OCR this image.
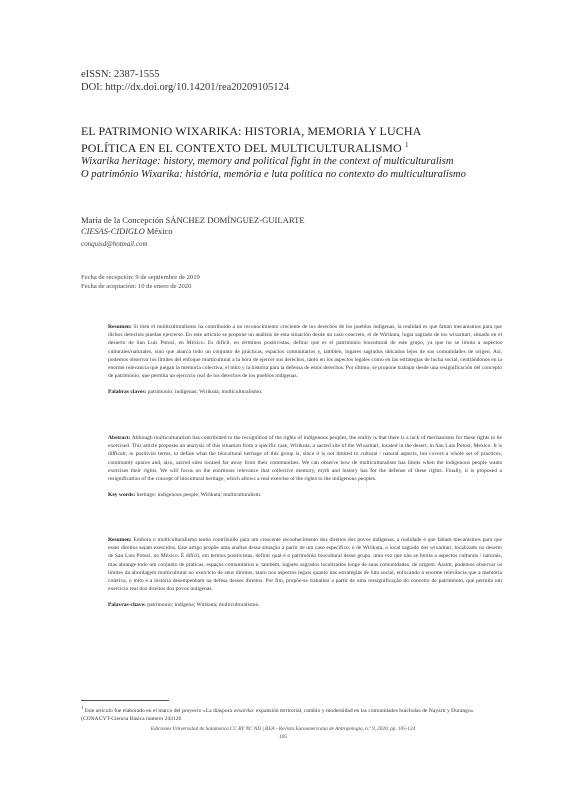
eISSN: 2387-1555
DOI: http://dx.doi.org/10.14201/rea20209105124
EL PATRIMONIO WIXARIKA: HISTORIA, MEMORIA Y LUCHA
POLÍTICA EN EL CONTEXTO DEL MULTICULTURALISMO $^1$
Wixarika heritage: history, memory and political fight in the context of multiculturalism
O patrimônio Wixarika: história, memória e luta política no contexto do multiculturalismo
María de la Concepción SÁNCHEZ DOMÍNGUEZ-GUILARTE
CIESAS-CIDIGLO México
conquisd@hotmail.com
Fecha de recepción: 9 de septiembre de 2019
Fecha de aceptación: 10 de enero de 2020
Resumen: Si bien el multiculturalismo ha contribuido a un reconocimiento creciente de los derechos de los pueblos indígenas, la realidad es que faltan mecanismos para que dichos derechos puedan ejercerse. En este artículo se propone un análisis de esta situación desde un caso concreto, el de Wirikuta, lugar sagrado de los wixaritari, situado en el desierto de San Luis Potosí, en México. Es difícil, en términos positivistas, definir qué es el patrimonio biocultural de este grupo, ya que no se limita a aspectos culturales/naturales, sino que abarca todo un conjunto de prácticas, espacios comunitarios y, también, lugares sagrados ubicados lejos de sus comunidades de origen. Así, podemos observar los límites del enfoque multicultural a la hora de ejercer sus derechos, tanto en los aspectos legales como en las estrategias de lucha social, centrándonos en la enorme relevancia que juegan la memoria colectiva, el mito y la historia para la defensa de estos derechos. Por último, se propone trabajar desde una resignificación del concepto de patrimonio, que permita un ejercicio real de los derechos de los pueblos indígenas.
Palabras claves: patrimonio; indígenas; Wirikuta; multiculturalismo.
Abstract: Although multiculturalism has contributed to the recognition of the rights of indigenous peoples, the reality is that there is a lack of mechanisms for these rights to be exercised. This article proposes an analysis of this situation from a specific case, Wirikuta, a sacred site of the Wixaritari, located in the desert, in San Luis Potosi, Mexico. It is difficult, in positivist terms, to define what the biocultural heritage of this group is, since it is not limited to cultural / natural aspects, but covers a whole set of practices, community spaces and, also, sacred sites located far away from their communities. We can observe how de multiculturalism has limits when the indigenous people wants exercises their rights. We will focus on the enormous relevance that collective memory, myth and history has for the defense of these rights. Finally, it is proposed a resignification of the concept of biocultural heritage, which allows a real exercise of the rights to the indigenous peoples.
Key words: heritage; indigenous people; Wirikuta; multiculturalism.
Resumen: Embora o multiculturalismo tenha contribuído para um crescente reconhecimento dos direitos dos povos indígenas, a realidade é que faltam mecanismos para que esses direitos sejam exercidos. Este artigo propõe uma análise dessa situação a partir de um caso específico, o de Wirikuta, o local sagrado dos wixaritari, localizado no deserto de San Luis Potosí, no México. É difícil, em termos positivistas, definir qual é o patrimônio biocultural desse grupo, uma vez que não se limita a aspectos culturais / naturais, mas abrange todo um conjunto de práticas, espaços comunitários e, também, lugares sagrados localizados longe de suas comunidades. de origem. Assim, podemos observar os limites da abordagem multicultural no exercício de seus direitos, tanto nos aspectos legais quanto nas estratégias de luta social, enfocando a enorme relevância que a memória coletiva, o mito e a história desempenham na defesa desses direitos. Por fim, propõe-se trabalhar a partir de uma ressignificação do conceito de patrimônio, que permita um exercício real dos direitos dos povos indígenas.
Palavras-chave: patrimonio; indígena; Wirikuta; multiculturalismo.
$^1$ Este artículo fue elaborado en el marco del proyecto «La diáspora wixarika: expansión territorial, cambio y modernidad en las comunidades huicholas de Nayarit y Durango» (CONACYT-Ciencia Básica número 243126
Ediciones Universidad de Salamanca CC BY NC ND | REA - Revista Euroamericana de Antropología, n.º 9, 2020, pp. 105-124
105
